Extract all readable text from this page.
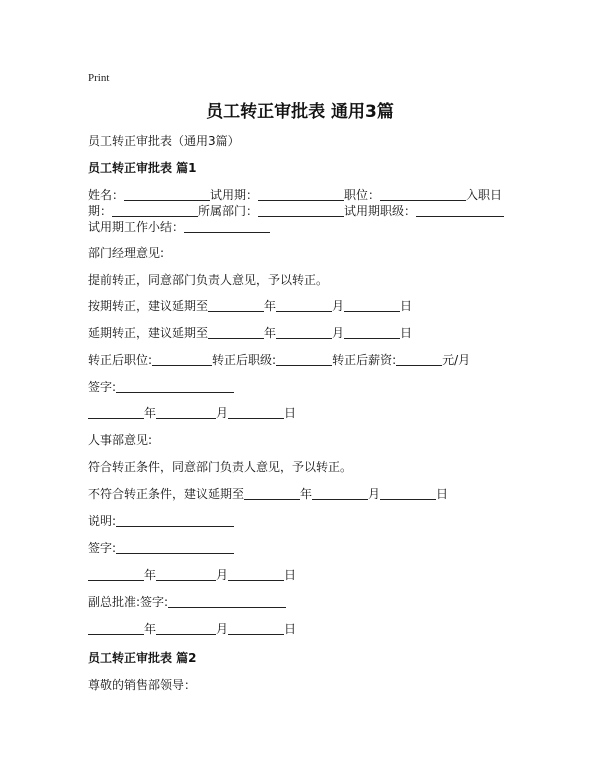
Print
员工转正审批表 通用3篇
员工转正审批表（通用3篇）
员工转正审批表 篇1
姓名：	试用期：	职位：	入职日
期：	所属部门：	试用期职级：
试用期工作小结：
部门经理意见:
提前转正，同意部门负责人意见，予以转正。
按期转正，建议延期至	年	月	日
延期转正，建议延期至	年	月	日
转正后职位:	转正后职级:	转正后薪资:	元/月
签字:
年	月	日
人事部意见:
符合转正条件，同意部门负责人意见，予以转正。
不符合转正条件，建议延期至	年	月	日
说明:
签字:
年	月	日
副总批准:签字:
年	月	日
员工转正审批表 篇2
尊敬的销售部领导：
